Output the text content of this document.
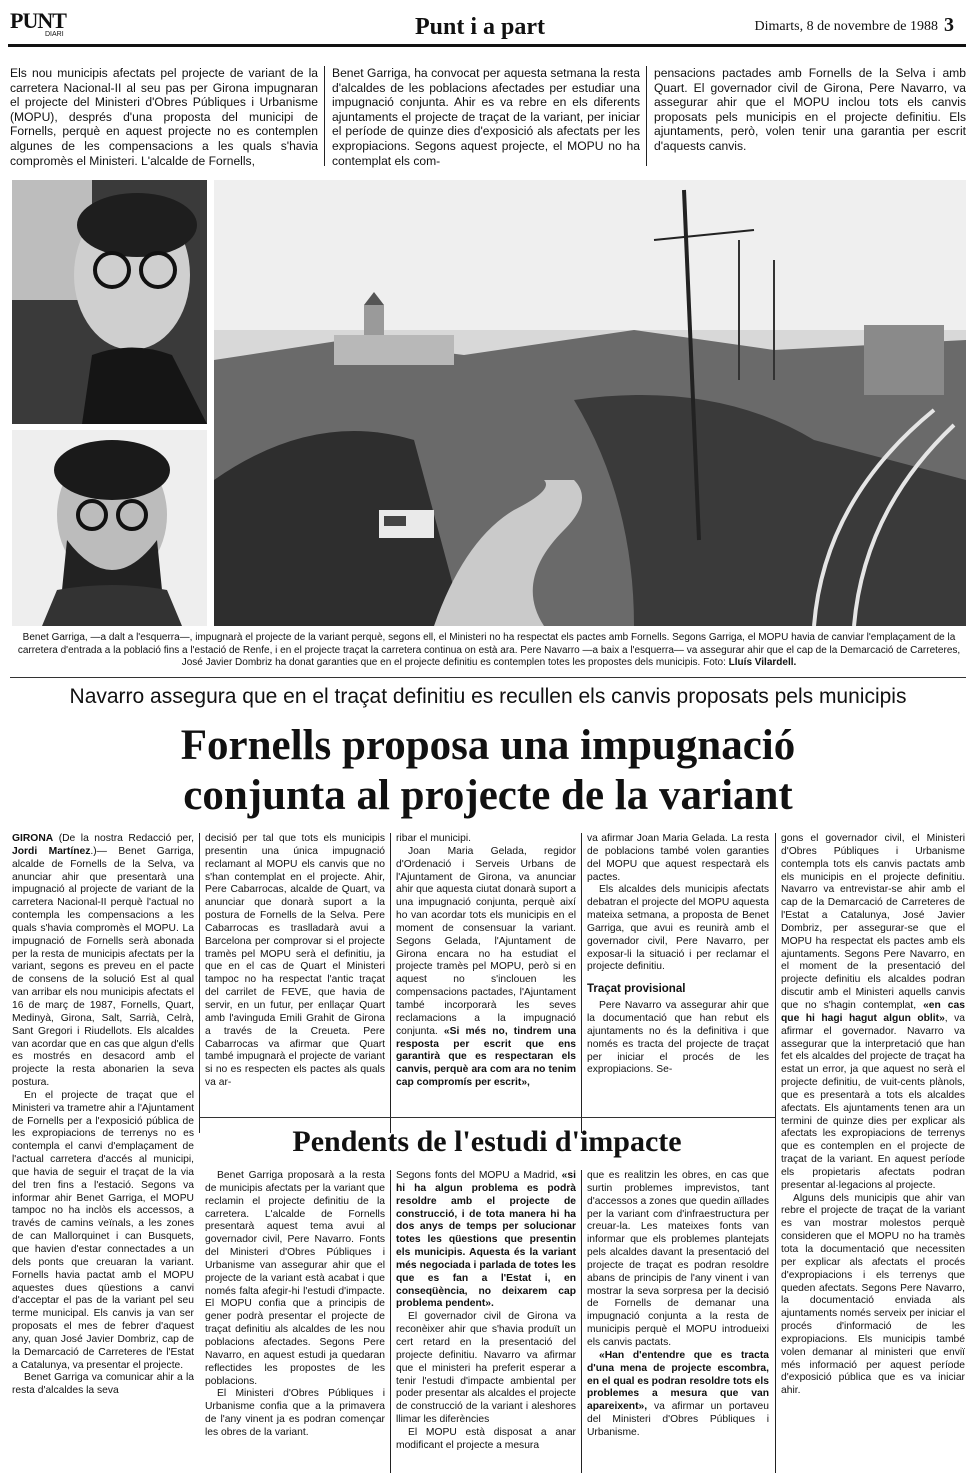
PUNT
DIARI	Punt i a part	Dimarts, 8 de novembre de 1988 3
Els nou municipis afectats pel projecte de variant de la carretera Nacional-II al seu pas per Girona impugnaran el projecte del Ministeri d'Obres Públiques i Urbanisme (MOPU), després d'una proposta del municipi de Fornells, perquè en aquest projecte no es contemplen algunes de les compensacions a les quals s'havia compromès el Ministeri. L'alcalde de Fornells,
Benet Garriga, ha convocat per aquesta setmana la resta d'alcaldes de les poblacions afectades per estudiar una impugnació conjunta. Ahir es va rebre en els diferents ajuntaments el projecte de traçat de la variant, per iniciar el període de quinze dies d'exposició als afectats per les expropiacions. Segons aquest projecte, el MOPU no ha contemplat els com-
pensacions pactades amb Fornells de la Selva i amb Quart. El governador civil de Girona, Pere Navarro, va assegurar ahir que el MOPU inclou tots els canvis proposats pels municipis en el projecte definitiu. Els ajuntaments, però, volen tenir una garantia per escrit d'aquests canvis.
Benet Garriga, —a dalt a l'esquerra—, impugnarà el projecte de la variant perquè, segons ell, el Ministeri no ha respectat els pactes amb Fornells. Segons Garriga, el MOPU havia de canviar l'emplaçament de la carretera d'entrada a la població fins a l'estació de Renfe, i en el projecte traçat la carretera continua on està ara. Pere Navarro —a baix a l'esquerra— va assegurar ahir que el cap de la Demarcació de Carreteres, José Javier Dombriz ha donat garanties que en el projecte definitiu es contemplen totes les propostes dels municipis. Foto: Lluís Vilardell.
Navarro assegura que en el traçat definitiu es recullen els canvis proposats pels municipis
Fornells proposa una impugnació
conjunta al projecte de la variant

GIRONA (De la nostra Redacció per, Jordi Martínez.)— Benet Garriga, alcalde de Fornells de la Selva, va anunciar ahir que presentarà una impugnació al projecte de variant de la carretera Nacional-II perquè l'actual no contempla les compensacions a les quals s'havia compromès el MOPU. La impugnació de Fornells serà abonada per la resta de municipis afectats per la variant, segons es preveu en el pacte de consens de la solució Est al qual van arribar els nou municipis afectats el 16 de març de 1987, Fornells, Quart, Medinyà, Girona, Salt, Sarrià, Celrà, Sant Gregori i Riudellots. Els alcaldes van acordar que en cas que algun d'ells es mostrés en desacord amb el projecte la resta abonarien la seva postura.

En el projecte de traçat que el Ministeri va trametre ahir a l'Ajuntament de Fornells per a l'exposició pública de les expropiacions de terrenys no es contempla el canvi d'emplaçament de l'actual carretera d'accés al municipi, que havia de seguir el traçat de la via del tren fins a l'estació. Segons va informar ahir Benet Garriga, el MOPU tampoc no ha inclòs els accessos, a través de camins veïnals, a les zones de can Mallorquinet i can Busquets, que havien d'estar connectades a un dels ponts que creuaran la variant. Fornells havia pactat amb el MOPU aquestes dues qüestions a canvi d'acceptar el pas de la variant pel seu terme municipal. Els canvis ja van ser proposats el mes de febrer d'aquest any, quan José Javier Dombriz, cap de la Demarcació de Carreteres de l'Estat a Catalunya, va presentar el projecte.

Benet Garriga va comunicar ahir a la resta d'alcaldes la seva

decisió per tal que tots els municipis presentin una única impugnació reclamant al MOPU els canvis que no s'han contemplat en el projecte. Ahir, Pere Cabarrocas, alcalde de Quart, va anunciar que donarà suport a la postura de Fornells de la Selva. Pere Cabarrocas es traslladarà avui a Barcelona per comprovar si el projecte tramès pel MOPU serà el definitiu, ja que en el cas de Quart el Ministeri tampoc no ha respectat l'antic traçat del carrilet de FEVE, que havia de servir, en un futur, per enllaçar Quart amb l'avinguda Emili Grahit de Girona a través de la Creueta. Pere Cabarrocas va afirmar que Quart també impugnarà el projecte de variant si no es respecten els pactes als quals va ar-

ribar el municipi.

Joan Maria Gelada, regidor d'Ordenació i Serveis Urbans de l'Ajuntament de Girona, va anunciar ahir que aquesta ciutat donarà suport a una impugnació conjunta, perquè així ho van acordar tots els municipis en el moment de consensuar la variant. Segons Gelada, l'Ajuntament de Girona encara no ha estudiat el projecte tramès pel MOPU, però si en aquest no s'inclouen les compensacions pactades, l'Ajuntament també incorporarà les seves reclamacions a la impugnació conjunta. «Si més no, tindrem una resposta per escrit que ens garantirà que es respectaran els canvis, perquè ara com ara no tenim cap compromís per escrit»,

va afirmar Joan Maria Gelada. La resta de poblacions també volen garanties del MOPU que aquest respectarà els pactes.

Els alcaldes dels municipis afectats debatran el projecte del MOPU aquesta mateixa setmana, a proposta de Benet Garriga, que avui es reunirà amb el governador civil, Pere Navarro, per exposar-li la situació i per reclamar el projecte definitiu.

Traçat provisional

Pere Navarro va assegurar ahir que la documentació que han rebut els ajuntaments no és la definitiva i que només es tracta del projecte de traçat per iniciar el procés de les expropiacions. Se-

gons el governador civil, el Ministeri d'Obres Públiques i Urbanisme contempla tots els canvis pactats amb els municipis en el projecte definitiu. Navarro va entrevistar-se ahir amb el cap de la Demarcació de Carreteres de l'Estat a Catalunya, José Javier Dombriz, per assegurar-se que el MOPU ha respectat els pactes amb els ajuntaments. Segons Pere Navarro, en el moment de la presentació del projecte definitiu els alcaldes podran discutir amb el Ministeri aquells canvis que no s'hagin contemplat, «en cas que hi hagi hagut algun oblit», va afirmar el governador. Navarro va assegurar que la interpretació que han fet els alcaldes del projecte de traçat ha estat un error, ja que aquest no serà el projecte definitiu, de vuit-cents plànols, que es presentarà a tots els alcaldes afectats. Els ajuntaments tenen ara un termini de quinze dies per explicar als afectats les expropiacions de terrenys que es contemplen en el projecte de traçat de la variant. En aquest període els propietaris afectats podran presentar al·legacions al projecte.

Alguns dels municipis que ahir van rebre el projecte de traçat de la variant es van mostrar molestos perquè consideren que el MOPU no ha tramès tota la documentació que necessiten per explicar als afectats el procés d'expropiacions i els terrenys que queden afectats. Segons Pere Navarro, la documentació enviada als ajuntaments només serveix per iniciar el procés d'informació de les expropiacions. Els municipis també volen demanar al ministeri que enviï més informació per aquest període d'exposició pública que es va iniciar ahir.

Pendents de l'estudi d'impacte

Benet Garriga proposarà a la resta de municipis afectats per la variant que reclamin el projecte definitiu de la carretera. L'alcalde de Fornells presentarà aquest tema avui al governador civil, Pere Navarro. Fonts del Ministeri d'Obres Públiques i Urbanisme van assegurar ahir que el projecte de la variant està acabat i que només falta afegir-hi l'estudi d'impacte. El MOPU confia que a principis de gener podrà presentar el projecte de traçat definitiu als alcaldes de les nou poblacions afectades. Segons Pere Navarro, en aquest estudi ja quedaran reflectides les propostes de les poblacions.

El Ministeri d'Obres Públiques i Urbanisme confia que a la primavera de l'any vinent ja es podran començar les obres de la variant.

Segons fonts del MOPU a Madrid, «si hi ha algun problema es podrà resoldre amb el projecte de construcció, i de tota manera hi ha dos anys de temps per solucionar totes les qüestions que presentin els municipis. Aquesta és la variant més negociada i parlada de totes les que es fan a l'Estat i, en conseqüència, no deixarem cap problema pendent».

El governador civil de Girona va reconèixer ahir que s'havia produït un cert retard en la presentació del projecte definitiu. Navarro va afirmar que el ministeri ha preferit esperar a tenir l'estudi d'impacte ambiental per poder presentar als alcaldes el projecte de construcció de la variant i aleshores llimar les diferències

El MOPU està disposat a anar modificant el projecte a mesura

que es realitzin les obres, en cas que surtin problemes imprevistos, tant d'accessos a zones que quedin aïllades per la variant com d'infraestructura per creuar-la. Les mateixes fonts van informar que els problemes plantejats pels alcaldes davant la presentació del projecte de traçat es podran resoldre abans de principis de l'any vinent i van mostrar la seva sorpresa per la decisió de Fornells de demanar una impugnació conjunta a la resta de municipis perquè el MOPU introdueixi els canvis pactats.

«Han d'entendre que es tracta d'una mena de projecte escombra, en el qual es podran resoldre tots els problemes a mesura que van apareixent», va afirmar un portaveu del Ministeri d'Obres Públiques i Urbanisme.
